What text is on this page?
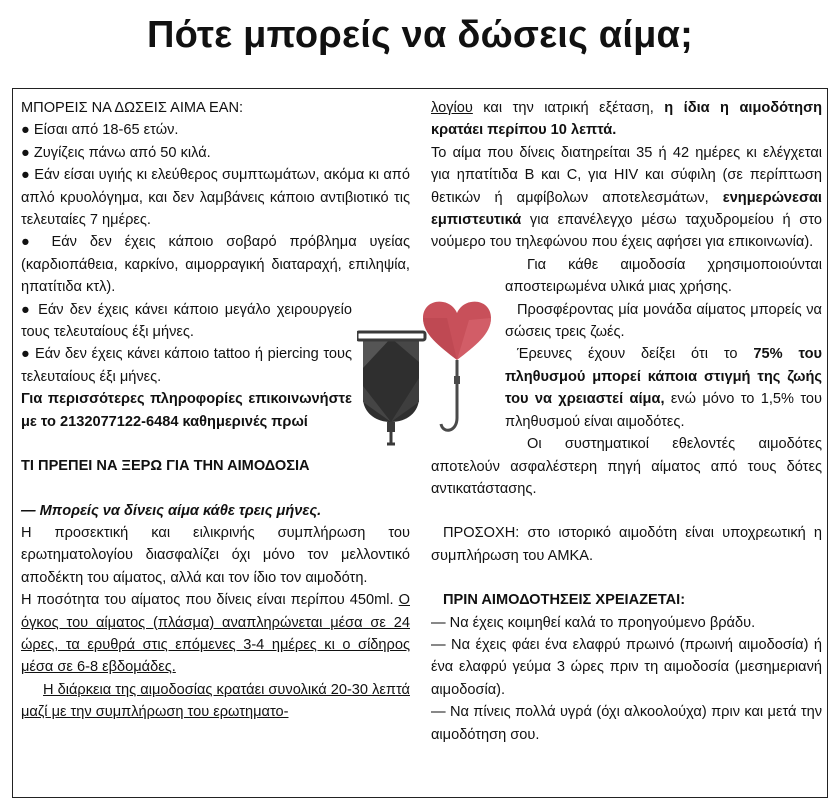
Πότε μπορείς να δώσεις αίμα;

ΜΠΟΡΕΙΣ ΝΑ ΔΩΣΕΙΣ ΑΙΜΑ ΕΑΝ:

● Είσαι από 18-65 ετών.

● Ζυγίζεις πάνω από 50 κιλά.

● Εάν είσαι υγιής κι ελεύθερος συμπτωμάτων, ακόμα κι από απλό κρυολόγημα, και δεν λαμβάνεις κάποιο αντιβιοτικό τις τελευταίες 7 ημέρες.

● Εάν δεν έχεις κάποιο σοβαρό πρόβλημα υγείας (καρδιοπάθεια, καρκίνο, αιμορραγική διαταραχή, επιληψία, ηπατίτιδα κτλ).

● Εάν δεν έχεις κάνει κάποιο μεγάλο χειρουργείο τους τελευταίους έξι μήνες.

● Εάν δεν έχεις κάνει κάποιο tattoo ή piercing τους τελευταίους έξι μήνες.

Για περισσότερες πληροφορίες επικοινωνήστε με το 2132077122-6484 καθημερινές πρωί

ΤΙ ΠΡΕΠΕΙ ΝΑ ΞΕΡΩ ΓΙΑ ΤΗΝ ΑΙΜΟΔΟΣΙΑ

— Μπορείς να δίνεις αίμα κάθε τρεις μήνες.

Η προσεκτική και ειλικρινής συμπλήρωση του ερωτηματολογίου διασφαλίζει όχι μόνο τον μελλοντικό αποδέκτη του αίματος, αλλά και τον ίδιο τον αιμοδότη.

Η ποσότητα του αίματος που δίνεις είναι περίπου 450ml. Ο όγκος του αίματος (πλάσμα) αναπληρώνεται μέσα σε 24 ώρες, τα ερυθρά στις επόμενες 3-4 ημέρες κι ο σίδηρος μέσα σε 6-8 εβδομάδες.

Η διάρκεια της αιμοδοσίας κρατάει συνολικά 20-30 λεπτά μαζί με την συμπλήρωση του ερωτηματο-

λογίου και την ιατρική εξέταση, η ίδια η αιμοδότηση κρατάει περίπου 10 λεπτά.

Το αίμα που δίνεις διατηρείται 35 ή 42 ημέρες κι ελέγχεται για ηπατίτιδα Β και C, για HIV και σύφιλη (σε περίπτωση θετικών ή αμφίβολων αποτελεσμάτων, ενημερώνεσαι εμπιστευτικά για επανέλεγχο μέσω ταχυδρομείου ή στο νούμερο του τηλεφώνου που έχεις αφήσει για επικοινωνία).

Για κάθε αιμοδοσία χρησιμοποιούνται αποστειρωμένα υλικά μιας χρήσης.

Προσφέροντας μία μονάδα αίματος μπορείς να σώσεις τρεις ζωές.

Έρευνες έχουν δείξει ότι το 75% του πληθυσμού μπορεί κάποια στιγμή της ζωής του να χρειαστεί αίμα, ενώ μόνο το 1,5% του πληθυσμού είναι αιμοδότες.

Οι συστηματικοί εθελοντές αιμοδότες αποτελούν ασφαλέστερη πηγή αίματος από τους δότες αντικατάστασης.

ΠΡΟΣΟΧΗ: στο ιστορικό αιμοδότη είναι υποχρεωτική η συμπλήρωση του ΑΜΚΑ.

ΠΡΙΝ ΑΙΜΟΔΟΤΗΣΕΙΣ ΧΡΕΙΑΖΕΤΑΙ:

— Να έχεις κοιμηθεί καλά το προηγούμενο βράδυ.

— Να έχεις φάει ένα ελαφρύ πρωινό (πρωινή αιμοδοσία) ή ένα ελαφρύ γεύμα 3 ώρες πριν τη αιμοδοσία (μεσημεριανή αιμοδοσία).

— Να πίνεις πολλά υγρά (όχι αλκοολούχα) πριν και μετά την αιμοδότηση σου.
